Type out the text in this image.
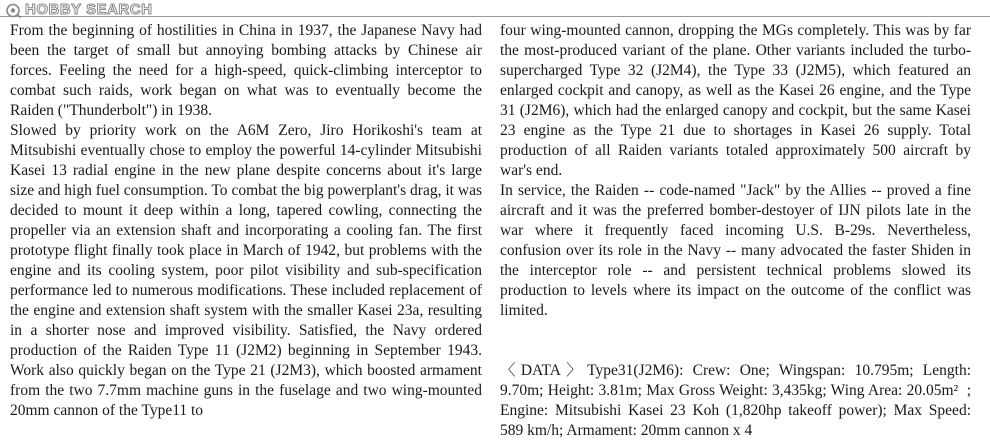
HOBBY SEARCH

From the beginning of hostilities in China in 1937, the Japanese Navy had been the target of small but annoying bombing attacks by Chinese air forces. Feeling the need for a high-speed, quick-climbing interceptor to combat such raids, work began on what was to eventually become the Raiden ("Thunderbolt") in 1938.

Slowed by priority work on the A6M Zero, Jiro Horikoshi's team at Mitsubishi eventually chose to employ the powerful 14-cylinder Mitsubishi Kasei 13 radial engine in the new plane despite concerns about it's large size and high fuel consumption. To combat the big powerplant's drag, it was decided to mount it deep within a long, tapered cowling, connecting the propeller via an extension shaft and incorporating a cooling fan. The first prototype flight finally took place in March of 1942, but problems with the engine and its cooling system, poor pilot visibility and sub-specification performance led to numerous modifications. These included replacement of the engine and extension shaft system with the smaller Kasei 23a, resulting in a shorter nose and improved visibility. Satisfied, the Navy ordered production of the Raiden Type 11 (J2M2) beginning in September 1943. Work also quickly began on the Type 21 (J2M3), which boosted armament from the two 7.7mm machine guns in the fuselage and two wing-mounted 20mm cannon of the Type11 to

four wing-mounted cannon, dropping the MGs completely. This was by far the most-produced variant of the plane. Other variants included the turbo-supercharged Type 32 (J2M4), the Type 33 (J2M5), which featured an enlarged cockpit and canopy, as well as the Kasei 26 engine, and the Type 31 (J2M6), which had the enlarged canopy and cockpit, but the same Kasei 23 engine as the Type 21 due to shortages in Kasei 26 supply. Total production of all Raiden variants totaled approximately 500 aircraft by war's end.

In service, the Raiden -- code-named "Jack" by the Allies -- proved a fine aircraft and it was the preferred bomber-destoyer of IJN pilots late in the war where it frequently faced incoming U.S. B-29s. Nevertheless, confusion over its role in the Navy -- many advocated the faster Shiden in the interceptor role -- and persistent technical problems slowed its production to levels where its impact on the outcome of the conflict was limited.

〈DATA〉Type31(J2M6): Crew: One; Wingspan: 10.795m; Length: 9.70m; Height: 3.81m; Max Gross Weight: 3,435kg; Wing Area: 20.05m²  ; Engine: Mitsubishi Kasei 23 Koh (1,820hp takeoff power); Max Speed: 589 km/h; Armament: 20mm cannon x 4
